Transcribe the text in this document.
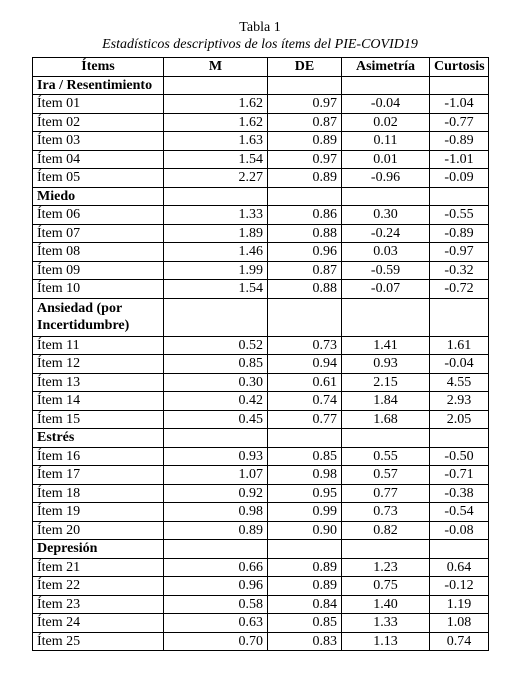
Tabla 1
Estadísticos descriptivos de los ítems del PIE-COVID19
Ítems	M	DE	Asimetría	Curtosis
Ira / Resentimiento				
Ítem 01	1.62	0.97	-0.04	-1.04
Ítem 02	1.62	0.87	0.02	-0.77
Ítem 03	1.63	0.89	0.11	-0.89
Ítem 04	1.54	0.97	0.01	-1.01
Ítem 05	2.27	0.89	-0.96	-0.09
Miedo				
Ítem 06	1.33	0.86	0.30	-0.55
Ítem 07	1.89	0.88	-0.24	-0.89
Ítem 08	1.46	0.96	0.03	-0.97
Ítem 09	1.99	0.87	-0.59	-0.32
Ítem 10	1.54	0.88	-0.07	-0.72
Ansiedad (por Incertidumbre)				
Ítem 11	0.52	0.73	1.41	1.61
Ítem 12	0.85	0.94	0.93	-0.04
Ítem 13	0.30	0.61	2.15	4.55
Ítem 14	0.42	0.74	1.84	2.93
Ítem 15	0.45	0.77	1.68	2.05
Estrés				
Ítem 16	0.93	0.85	0.55	-0.50
Ítem 17	1.07	0.98	0.57	-0.71
Ítem 18	0.92	0.95	0.77	-0.38
Ítem 19	0.98	0.99	0.73	-0.54
Ítem 20	0.89	0.90	0.82	-0.08
Depresión				
Ítem 21	0.66	0.89	1.23	0.64
Ítem 22	0.96	0.89	0.75	-0.12
Ítem 23	0.58	0.84	1.40	1.19
Ítem 24	0.63	0.85	1.33	1.08
Ítem 25	0.70	0.83	1.13	0.74
